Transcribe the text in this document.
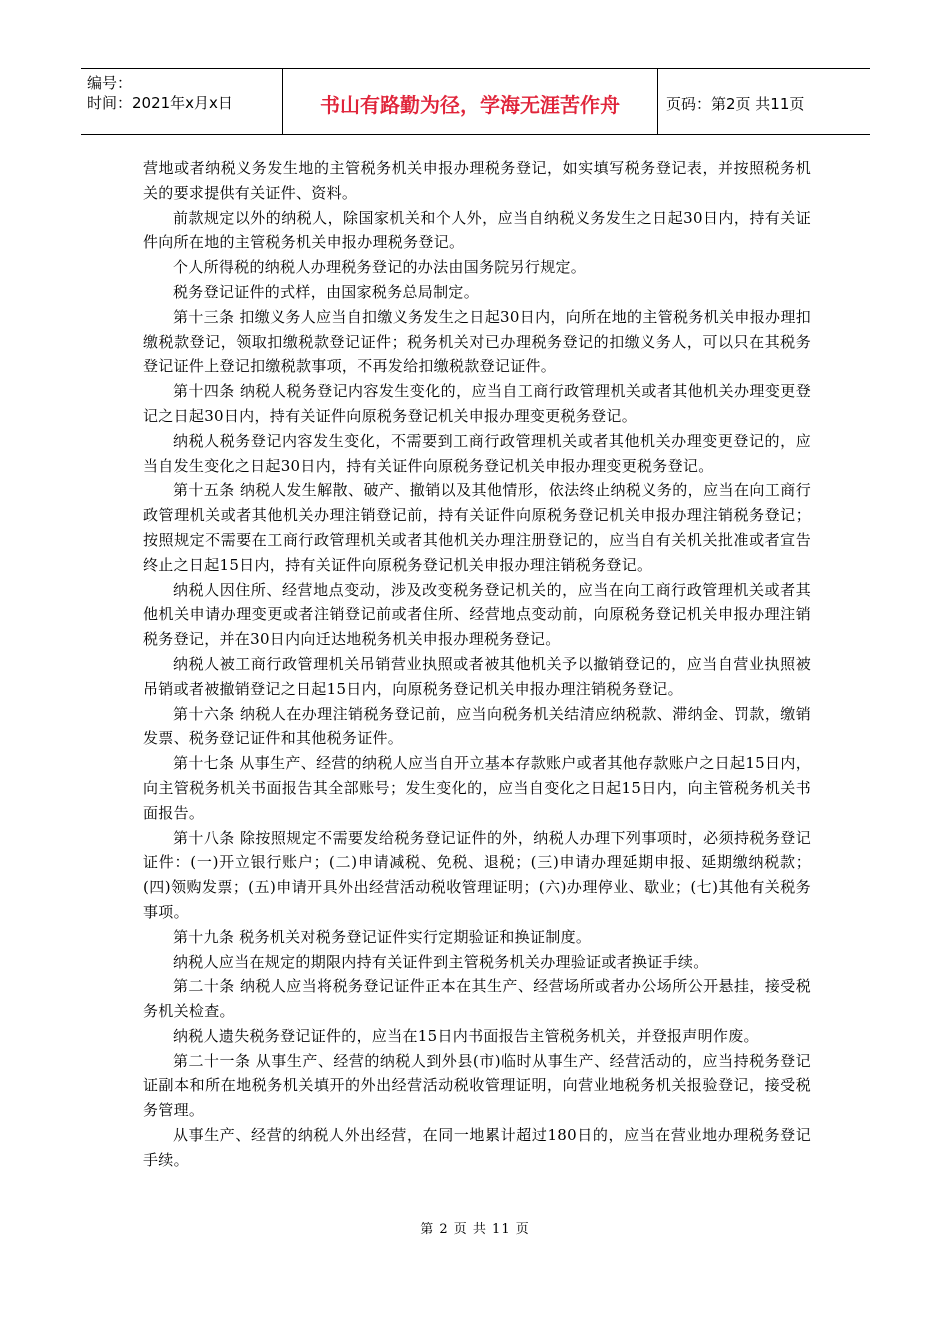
编号：
时间：2021年x月x日	书山有路勤为径，学海无涯苦作舟	页码：第2页 共11页

营地或者纳税义务发生地的主管税务机关申报办理税务登记，如实填写税务登记表，并按照税务机关的要求提供有关证件、资料。

前款规定以外的纳税人，除国家机关和个人外，应当自纳税义务发生之日起30日内，持有关证件向所在地的主管税务机关申报办理税务登记。

个人所得税的纳税人办理税务登记的办法由国务院另行规定。

税务登记证件的式样，由国家税务总局制定。

第十三条 扣缴义务人应当自扣缴义务发生之日起30日内，向所在地的主管税务机关申报办理扣缴税款登记，领取扣缴税款登记证件；税务机关对已办理税务登记的扣缴义务人，可以只在其税务登记证件上登记扣缴税款事项，不再发给扣缴税款登记证件。

第十四条 纳税人税务登记内容发生变化的，应当自工商行政管理机关或者其他机关办理变更登记之日起30日内，持有关证件向原税务登记机关申报办理变更税务登记。

纳税人税务登记内容发生变化，不需要到工商行政管理机关或者其他机关办理变更登记的，应当自发生变化之日起30日内，持有关证件向原税务登记机关申报办理变更税务登记。

第十五条 纳税人发生解散、破产、撤销以及其他情形，依法终止纳税义务的，应当在向工商行政管理机关或者其他机关办理注销登记前，持有关证件向原税务登记机关申报办理注销税务登记；按照规定不需要在工商行政管理机关或者其他机关办理注册登记的，应当自有关机关批准或者宣告终止之日起15日内，持有关证件向原税务登记机关申报办理注销税务登记。

纳税人因住所、经营地点变动，涉及改变税务登记机关的，应当在向工商行政管理机关或者其他机关申请办理变更或者注销登记前或者住所、经营地点变动前，向原税务登记机关申报办理注销税务登记，并在30日内向迁达地税务机关申报办理税务登记。

纳税人被工商行政管理机关吊销营业执照或者被其他机关予以撤销登记的，应当自营业执照被吊销或者被撤销登记之日起15日内，向原税务登记机关申报办理注销税务登记。

第十六条 纳税人在办理注销税务登记前，应当向税务机关结清应纳税款、滞纳金、罚款，缴销发票、税务登记证件和其他税务证件。

第十七条 从事生产、经营的纳税人应当自开立基本存款账户或者其他存款账户之日起15日内，向主管税务机关书面报告其全部账号；发生变化的，应当自变化之日起15日内，向主管税务机关书面报告。

第十八条 除按照规定不需要发给税务登记证件的外，纳税人办理下列事项时，必须持税务登记证件：(一)开立银行账户；(二)申请减税、免税、退税；(三)申请办理延期申报、延期缴纳税款；(四)领购发票；(五)申请开具外出经营活动税收管理证明；(六)办理停业、歇业；(七)其他有关税务事项。

第十九条 税务机关对税务登记证件实行定期验证和换证制度。

纳税人应当在规定的期限内持有关证件到主管税务机关办理验证或者换证手续。

第二十条 纳税人应当将税务登记证件正本在其生产、经营场所或者办公场所公开悬挂，接受税务机关检查。

纳税人遗失税务登记证件的，应当在15日内书面报告主管税务机关，并登报声明作废。

第二十一条 从事生产、经营的纳税人到外县(市)临时从事生产、经营活动的，应当持税务登记证副本和所在地税务机关填开的外出经营活动税收管理证明，向营业地税务机关报验登记，接受税务管理。

从事生产、经营的纳税人外出经营，在同一地累计超过180日的，应当在营业地办理税务登记手续。

第 2 页 共 11 页
